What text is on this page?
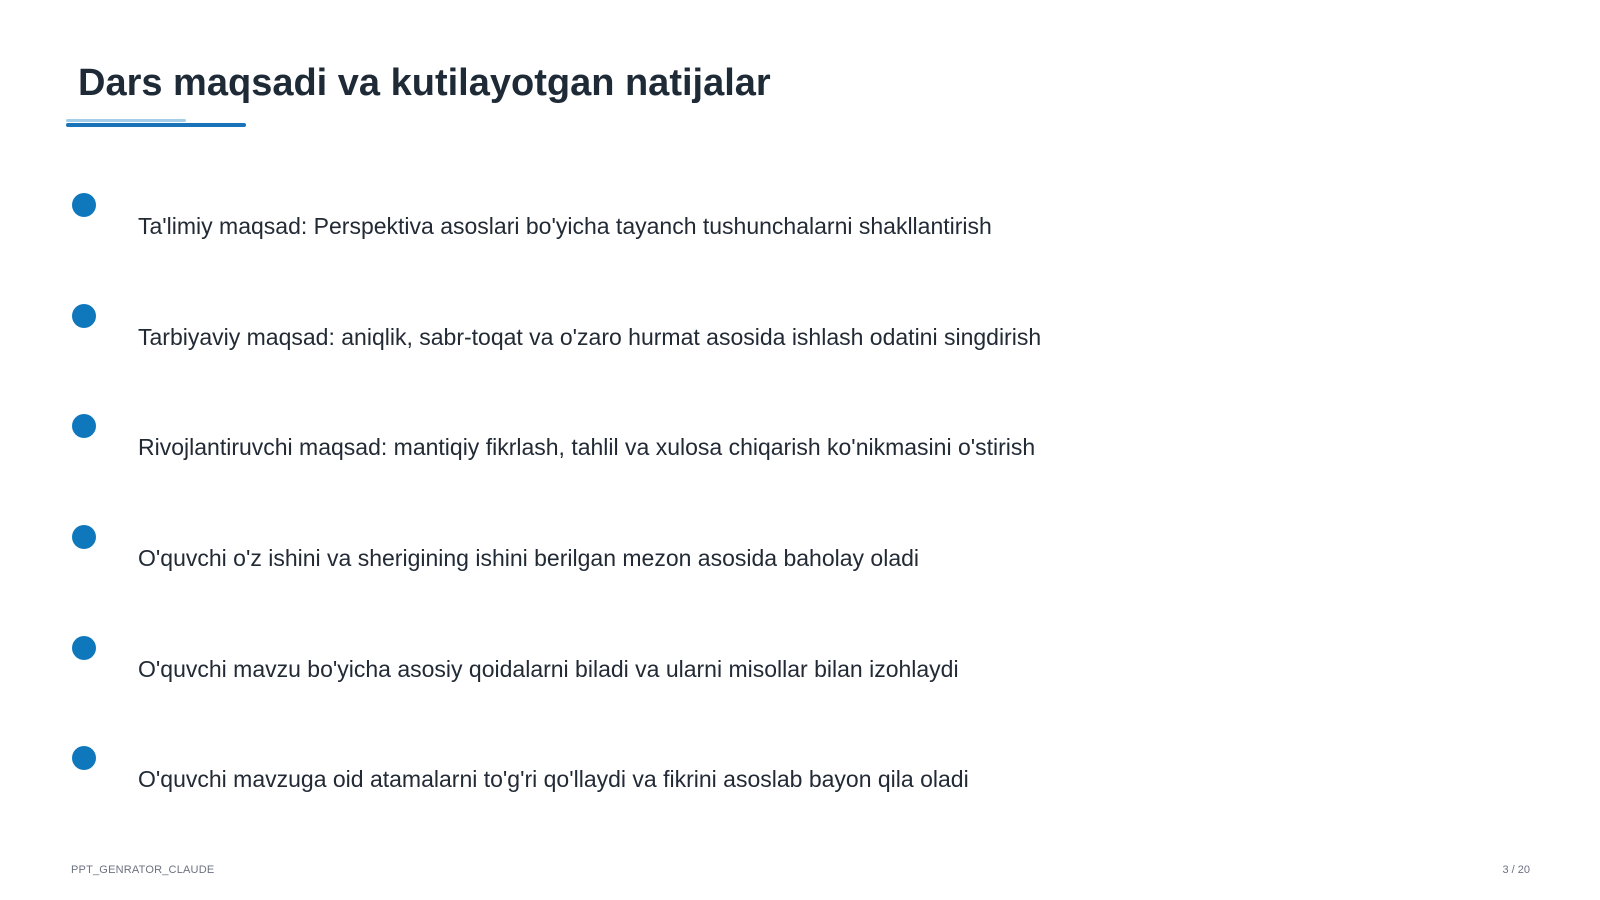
Dars maqsadi va kutilayotgan natijalar
Ta'limiy maqsad: Perspektiva asoslari bo'yicha tayanch tushunchalarni shakllantirish
Tarbiyaviy maqsad: aniqlik, sabr-toqat va o'zaro hurmat asosida ishlash odatini singdirish
Rivojlantiruvchi maqsad: mantiqiy fikrlash, tahlil va xulosa chiqarish ko'nikmasini o'stirish
O'quvchi o'z ishini va sherigining ishini berilgan mezon asosida baholay oladi
O'quvchi mavzu bo'yicha asosiy qoidalarni biladi va ularni misollar bilan izohlaydi
O'quvchi mavzuga oid atamalarni to'g'ri qo'llaydi va fikrini asoslab bayon qila oladi
PPT_GENRATOR_CLAUDE	3 / 20
